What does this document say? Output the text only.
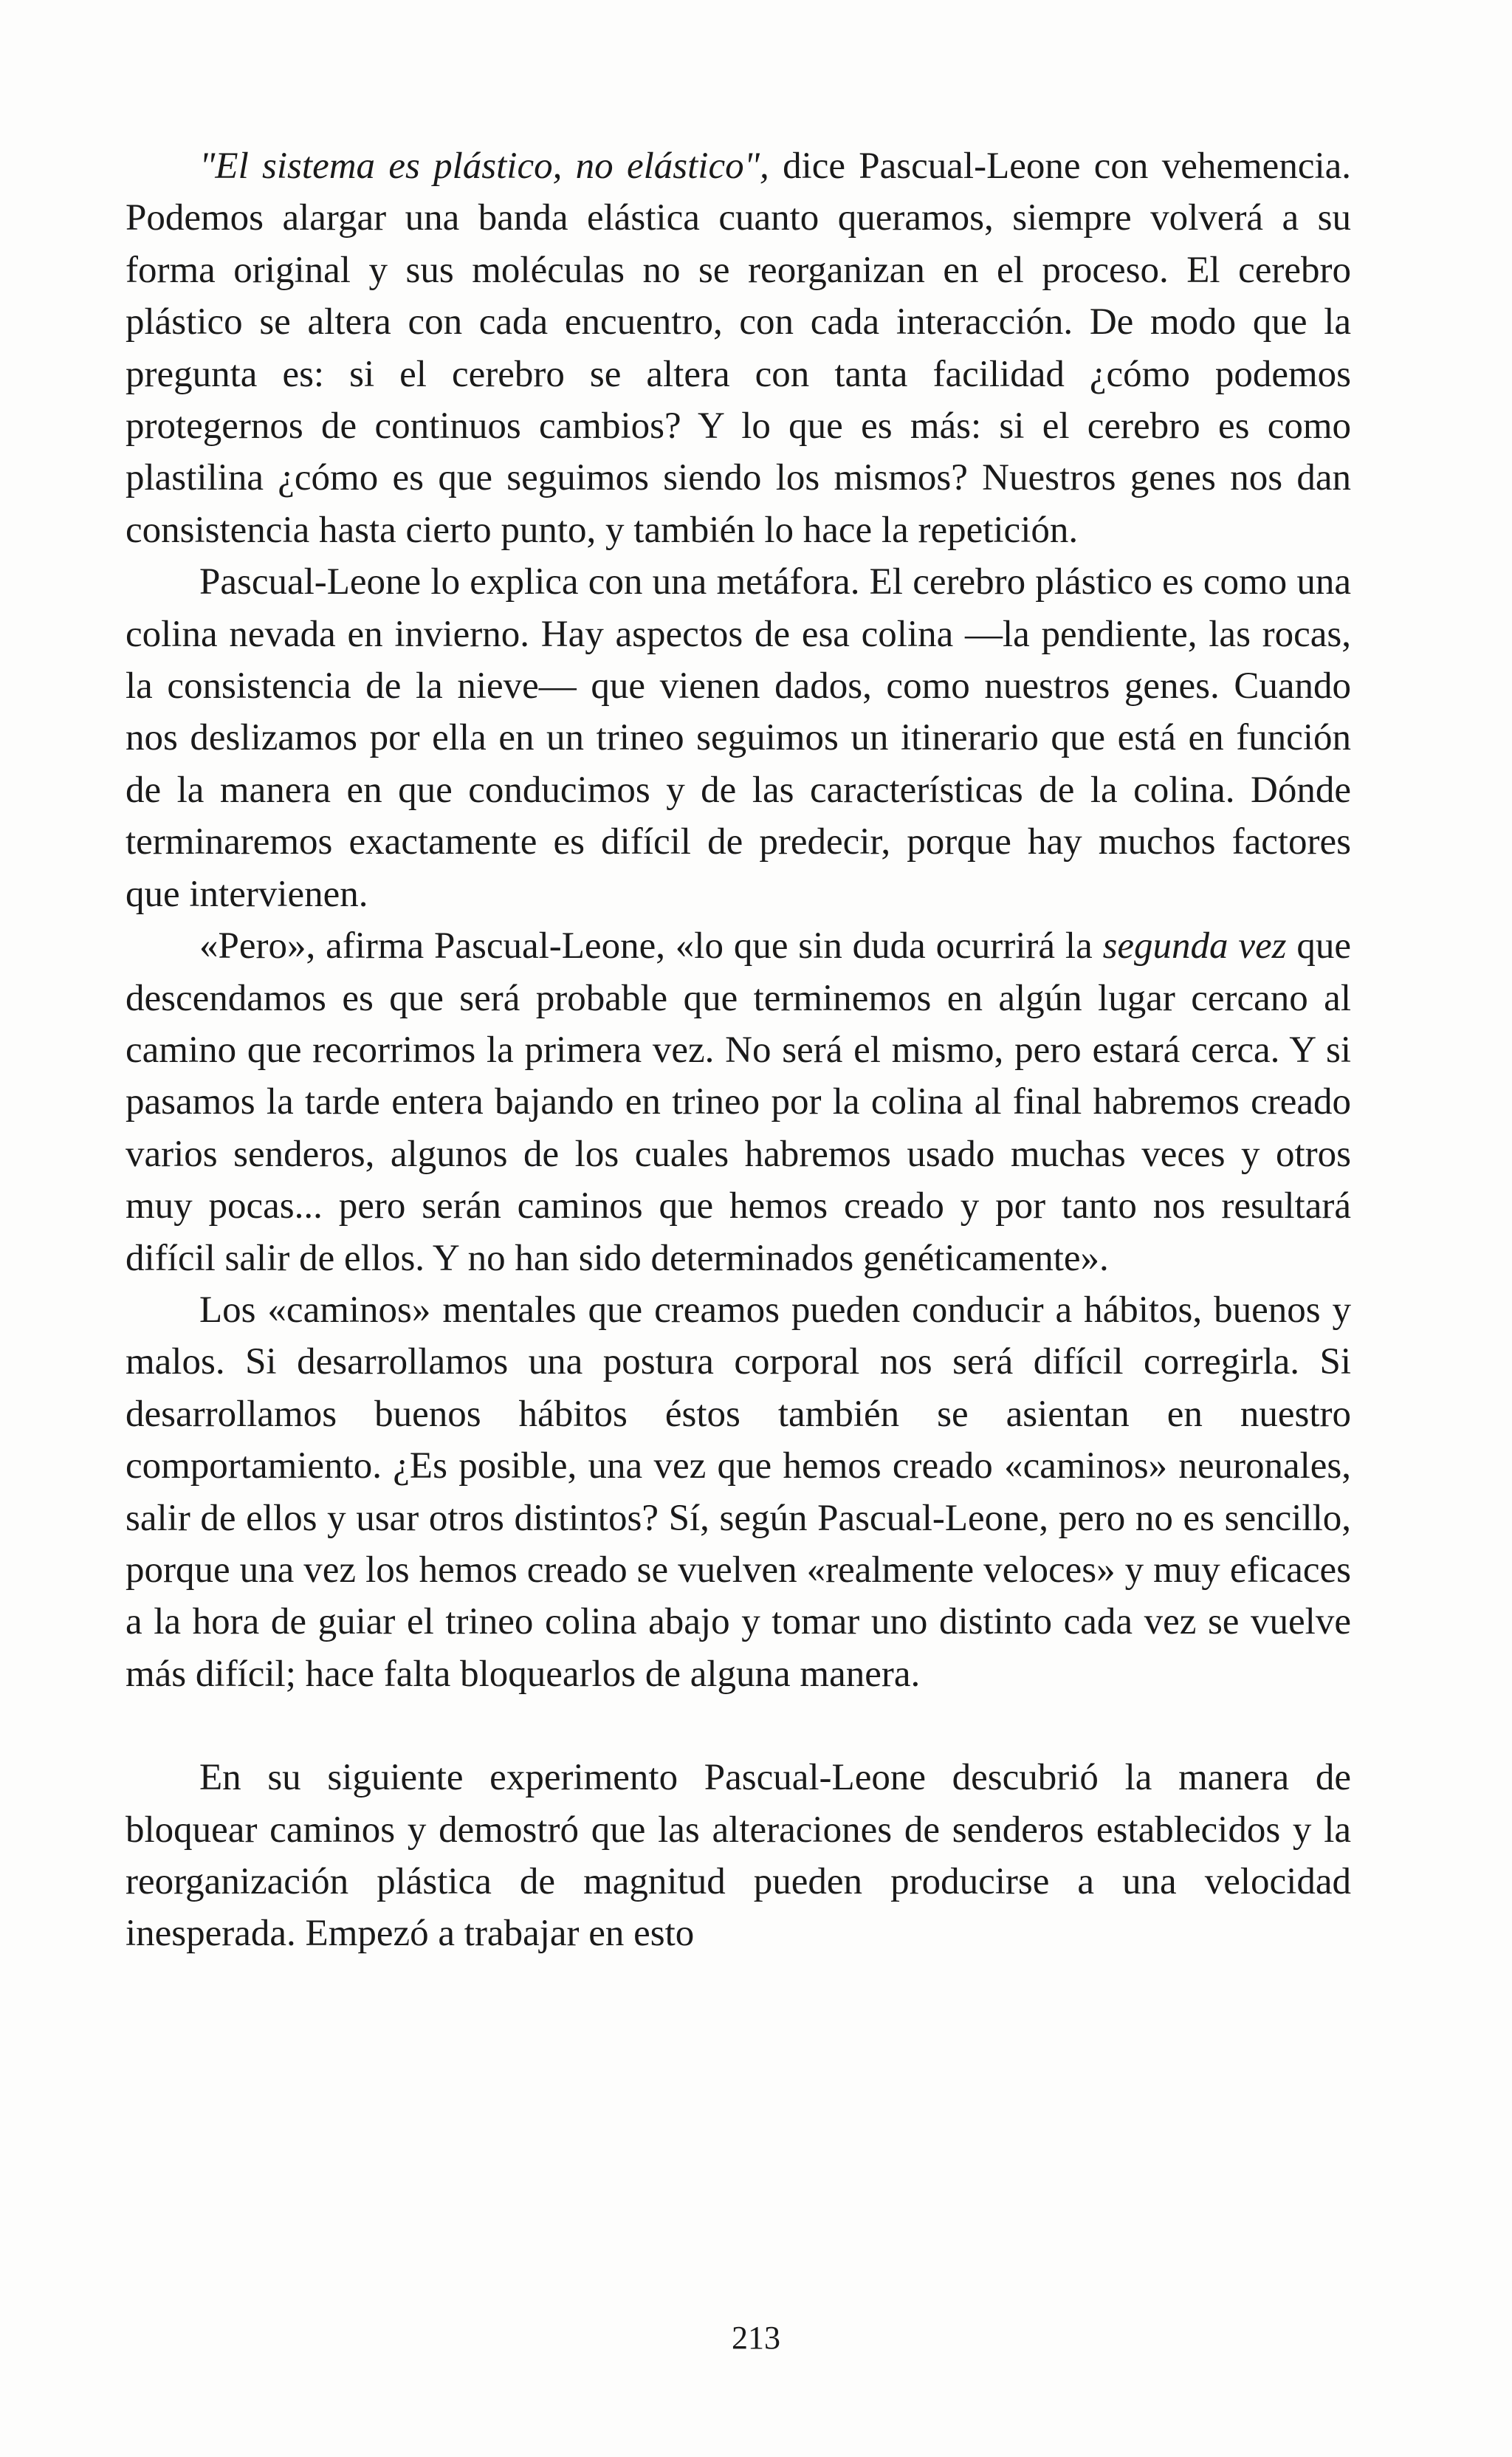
"El sistema es plástico, no elástico", dice Pascual-Leone con vehemencia. Podemos alargar una banda elástica cuanto queramos, siempre volverá a su forma original y sus moléculas no se reorganizan en el proceso. El cerebro plástico se altera con cada encuentro, con cada interacción. De modo que la pregunta es: si el cerebro se altera con tanta facilidad ¿cómo podemos protegernos de continuos cambios? Y lo que es más: si el cerebro es como plastilina ¿cómo es que seguimos siendo los mismos? Nuestros genes nos dan consistencia hasta cierto punto, y también lo hace la repetición.

Pascual-Leone lo explica con una metáfora. El cerebro plástico es como una colina nevada en invierno. Hay aspectos de esa colina —la pendiente, las rocas, la consistencia de la nieve— que vienen dados, como nuestros genes. Cuando nos deslizamos por ella en un trineo seguimos un itinerario que está en función de la manera en que conducimos y de las características de la colina. Dónde terminaremos exactamente es difícil de predecir, porque hay muchos factores que intervienen.

«Pero», afirma Pascual-Leone, «lo que sin duda ocurrirá la segunda vez que descendamos es que será probable que terminemos en algún lugar cercano al camino que recorrimos la primera vez. No será el mismo, pero estará cerca. Y si pasamos la tarde entera bajando en trineo por la colina al final habremos creado varios senderos, algunos de los cuales habremos usado muchas veces y otros muy pocas... pero serán caminos que hemos creado y por tanto nos resultará difícil salir de ellos. Y no han sido determinados genéticamente».

Los «caminos» mentales que creamos pueden conducir a hábitos, buenos y malos. Si desarrollamos una postura corporal nos será difícil corregirla. Si desarrollamos buenos hábitos éstos también se asientan en nuestro comportamiento. ¿Es posible, una vez que hemos creado «caminos» neuronales, salir de ellos y usar otros distintos? Sí, según Pascual-Leone, pero no es sencillo, porque una vez los hemos creado se vuelven «realmente veloces» y muy eficaces a la hora de guiar el trineo colina abajo y tomar uno distinto cada vez se vuelve más difícil; hace falta bloquearlos de alguna manera.

En su siguiente experimento Pascual-Leone descubrió la manera de bloquear caminos y demostró que las alteraciones de senderos establecidos y la reorganización plástica de magnitud pueden producirse a una velocidad inesperada. Empezó a trabajar en esto

213
